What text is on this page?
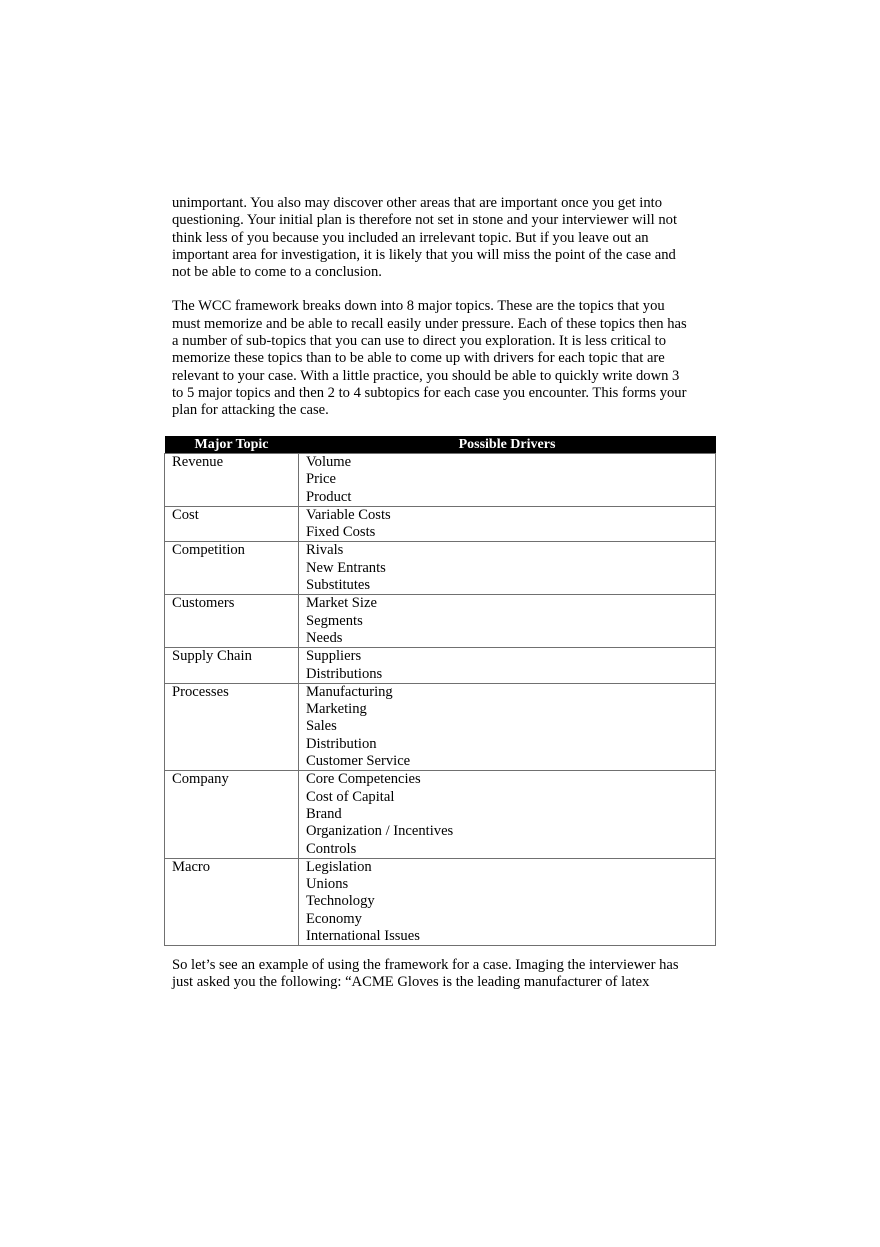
unimportant. You also may discover other areas that are important once you get into
questioning. Your initial plan is therefore not set in stone and your interviewer will not
think less of you because you included an irrelevant topic. But if you leave out an
important area for investigation, it is likely that you will miss the point of the case and
not be able to come to a conclusion.

The WCC framework breaks down into 8 major topics. These are the topics that you
must memorize and be able to recall easily under pressure. Each of these topics then has
a number of sub-topics that you can use to direct you exploration. It is less critical to
memorize these topics than to be able to come up with drivers for each topic that are
relevant to your case. With a little practice, you should be able to quickly write down 3
to 5 major topics and then 2 to 4 subtopics for each case you encounter. This forms your
plan for attacking the case.

Major Topic	Possible Drivers
Revenue	Volume
Price
Product

Cost	Variable Costs
Fixed Costs

Competition	Rivals
New Entrants
Substitutes

Customers	Market Size
Segments
Needs

Supply Chain	Suppliers
Distributions

Processes	Manufacturing
Marketing
Sales
Distribution
Customer Service

Company	Core Competencies
Cost of Capital
Brand
Organization / Incentives
Controls

Macro	Legislation
Unions
Technology
Economy
International Issues

So let’s see an example of using the framework for a case. Imaging the interviewer has
just asked you the following: “ACME Gloves is the leading manufacturer of latex
